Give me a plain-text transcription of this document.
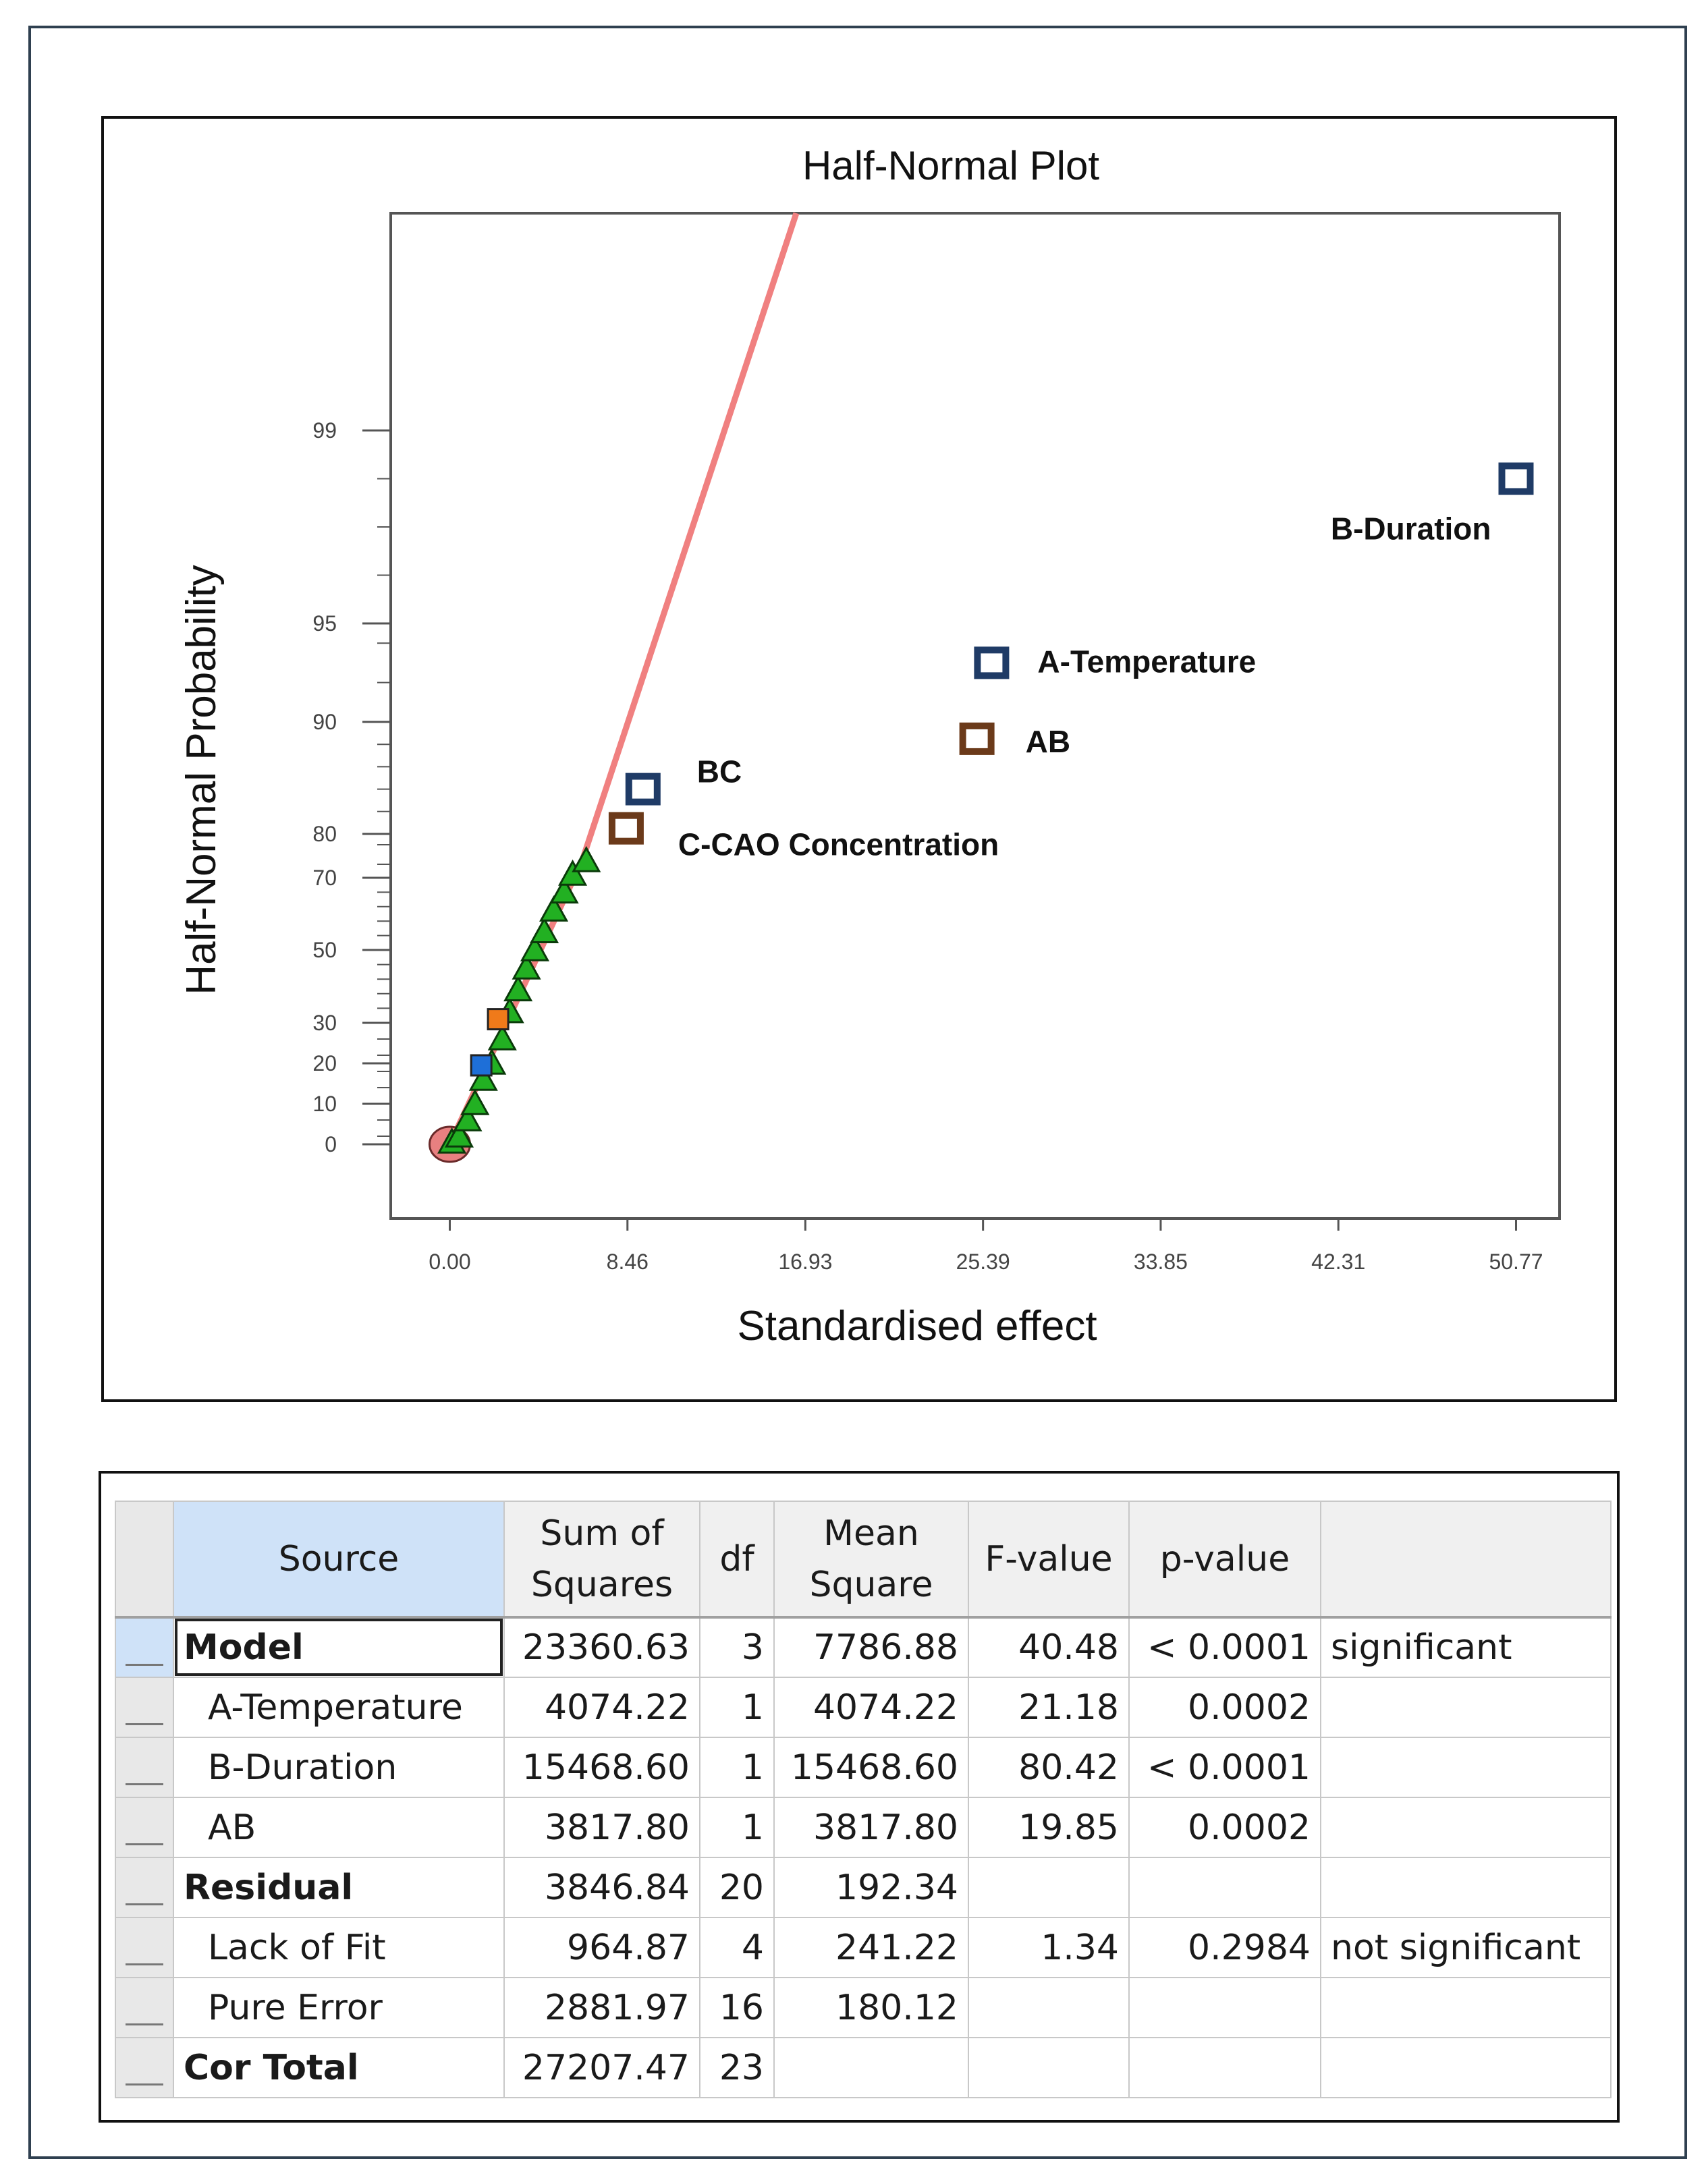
Half-Normal Plot
Standardised effect
Half-Normal Probability
0.00	8.46	16.93	25.39	33.85	42.31	50.77
0
10
20
30
50
70
80
90
95
99
B-Duration
A-Temperature
AB
BC
C-CAO Concentration
	Source	Sum of Squares	df	Mean Square	F-value	p-value	

	Model	23360.63	3	7786.88	40.48	< 0.0001	significant

	A-Temperature	4074.22	1	4074.22	21.18	0.0002	

	B-Duration	15468.60	1	15468.60	80.42	< 0.0001	

	AB	3817.80	1	3817.80	19.85	0.0002	

	Residual	3846.84	20	192.34			

	Lack of Fit	964.87	4	241.22	1.34	0.2984	not significant

	Pure Error	2881.97	16	180.12			

	Cor Total	27207.47	23				
